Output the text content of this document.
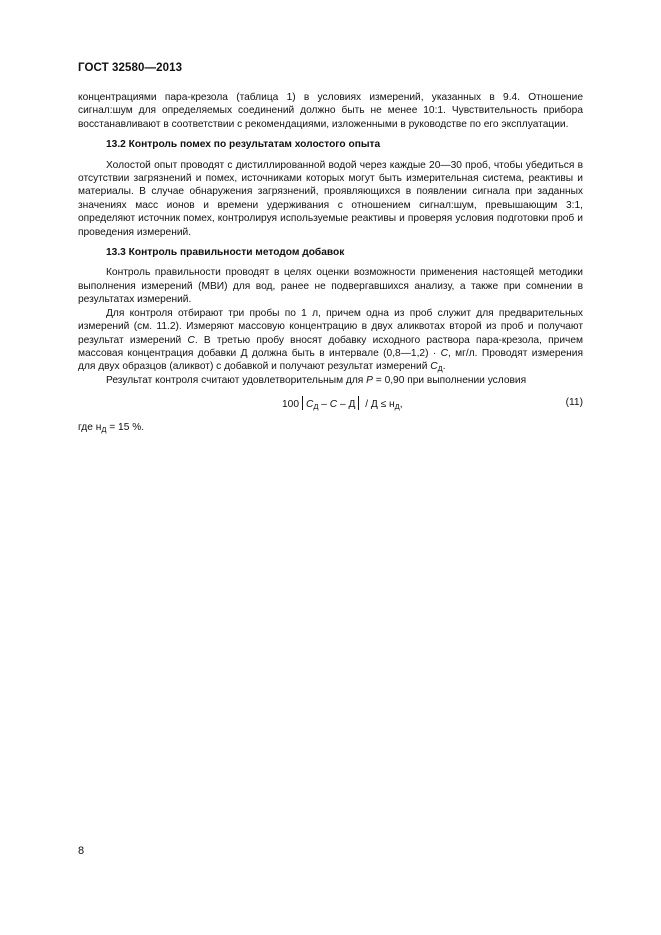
ГОСТ 32580—2013

концентрациями пара-крезола (таблица 1) в условиях измерений, указанных в 9.4. Отношение сигнал:шум для определяемых соединений должно быть не менее 10:1. Чувствительность прибора восстанавливают в соответствии с рекомендациями, изложенными в руководстве по его эксплуатации.

13.2 Контроль помех по результатам холостого опыта

Холостой опыт проводят с дистиллированной водой через каждые 20—30 проб, чтобы убедиться в отсутствии загрязнений и помех, источниками которых могут быть измерительная система, реактивы и материалы. В случае обнаружения загрязнений, проявляющихся в появлении сигнала при заданных значениях масс ионов и времени удерживания с отношением сигнал:шум, превышающим 3:1, определяют источник помех, контролируя используемые реактивы и проверяя условия подготовки проб и проведения измерений.

13.3 Контроль правильности методом добавок

Контроль правильности проводят в целях оценки возможности применения настоящей методики выполнения измерений (МВИ) для вод, ранее не подвергавшихся анализу, а также при сомнении в результатах измерений.

Для контроля отбирают три пробы по 1 л, причем одна из проб служит для предварительных измерений (см. 11.2). Измеряют массовую концентрацию в двух аликвотах второй из проб и получают результат измерений C. В третью пробу вносят добавку исходного раствора пара-крезола, причем массовая концентрация добавки Д должна быть в интервале (0,8—1,2) · C, мг/л. Проводят измерения для двух образцов (аликвот) с добавкой и получают результат измерений $C_Д$.

Результат контроля считают удовлетворительным для P = 0,90 при выполнении условия

100 $C_Д - C - Д / Д \le н_Д$,	(11)

где $н_Д = 15$ %.

8
